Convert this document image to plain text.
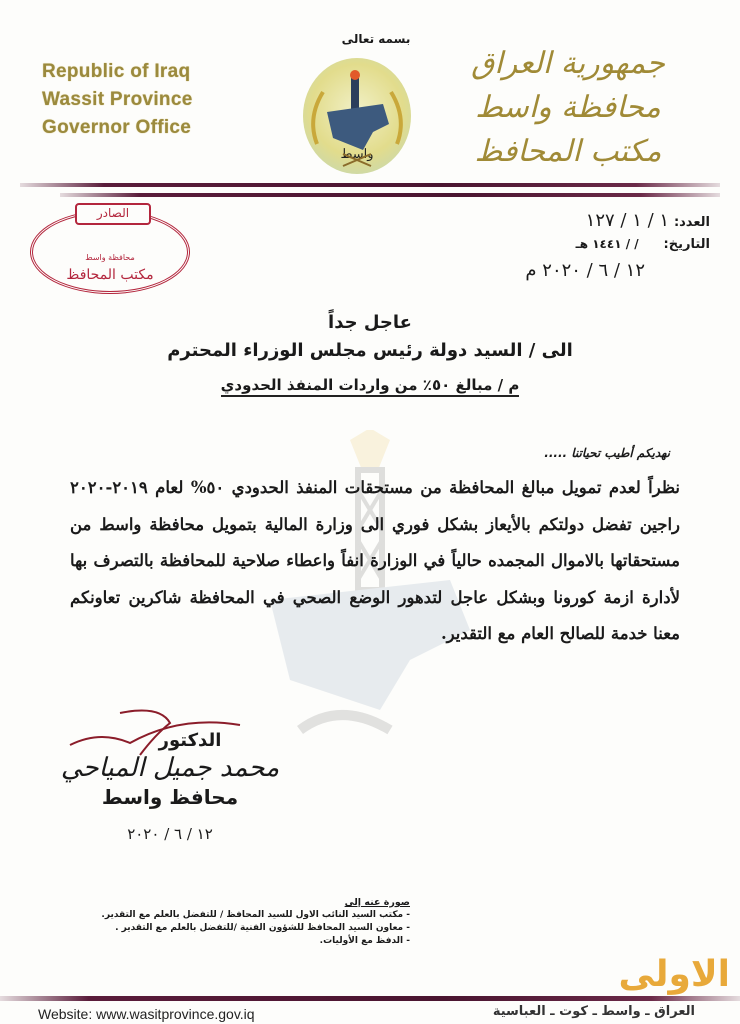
Republic of Iraq
Wassit Province
Governor Office
بسمه تعالى
واسط
جمهورية العراق
محافظة واسط
مكتب المحافظ
العدد: ١ / ١ / ١٢٧
التاريخ: / / ١٤٤١ هـ
١٢ / ٦ / ٢٠٢٠ م
الصادر
محافظة واسط
مكتب المحافظ
عاجل جداً
الى / السيد دولة رئيس مجلس الوزراء المحترم
م / مبالغ ٥٠٪ من واردات المنفذ الحدودي
نهديكم أطيب تحياتنا .....
نظراً لعدم تمويل مبالغ المحافظة من مستحقات المنفذ الحدودي ٥٠% لعام ٢٠١٩-٢٠٢٠ راجين تفضل دولتكم بالأيعاز بشكل فوري الى وزارة المالية بتمويل محافظة واسط من مستحقاتها بالاموال المجمده حالياً في الوزارة انفاً واعطاء صلاحية للمحافظة بالتصرف بها لأدارة ازمة كورونا وبشكل عاجل لتدهور الوضع الصحي في المحافظة شاكرين تعاونكم معنا خدمة للصالح العام مع التقدير.
الدكتور
محمد جميل المياحي
محافظ واسط
١٢ / ٦ / ٢٠٢٠
صورة عنه إلى
- مكتب السيد النائب الاول للسيد المحافظ / للتفضل بالعلم مع التقدير.
- معاون السيد المحافظ للشؤون الفنية /للتفضل بالعلم مع التقدير .
- الدفظ مع الأوليات.
الاولى
Website: www.wasitprovince.gov.iq	العراق ـ واسط ـ كوت ـ العباسية
